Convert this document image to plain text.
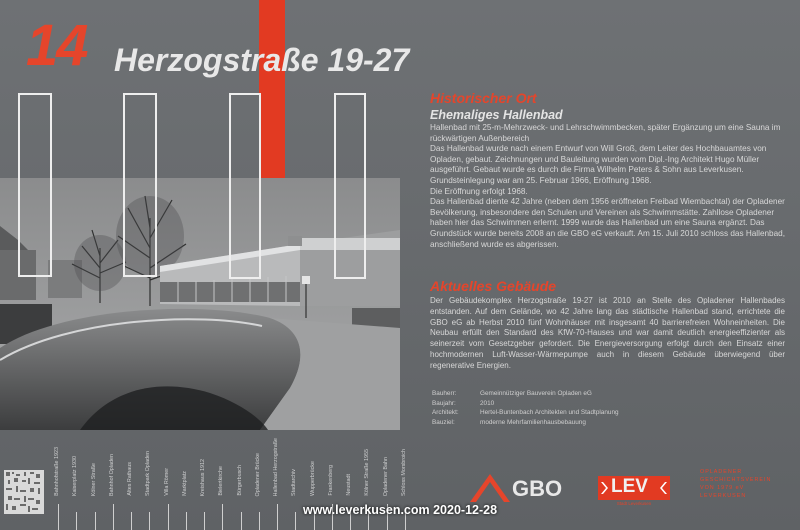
14 Herzogstraße 19-27

Historischer Ort

Ehemaliges Hallenbad

Hallenbad mit 25-m-Mehrzweck- und Lehrschwimmbecken, später Ergänzung um eine Sauna im rückwärtigen Außenbereich

Das Hallenbad wurde nach einem Entwurf von Will Groß, dem Leiter des Hochbauamtes von Opladen, gebaut. Zeichnungen und Bauleitung wurden vom Dipl.-Ing Architekt Hugo Müller ausgeführt. Gebaut wurde es durch die Firma Wilhelm Peters & Sohn aus Leverkusen. Grundsteinlegung war am 25. Februar 1966, Eröffnung 1968.

Die Eröffnung erfolgt 1968.

Das Hallenbad diente 42 Jahre (neben dem 1956 eröffneten Freibad Wiembachtal) der Opladener Bevölkerung, insbesondere den Schulen und Vereinen als Schwimmstätte. Zahllose Opladener haben hier das Schwimmen erlernt. 1999 wurde das Hallenbad um eine Sauna ergänzt. Das Grundstück wurde bereits 2008 an die GBO eG verkauft. Am 15. Juli 2010 schloss das Hallenbad, anschließend wurde es abgerissen.

Aktuelles Gebäude

Der Gebäudekomplex Herzogstraße 19-27 ist 2010 an Stelle des Opladener Hallenbades entstanden. Auf dem Gelände, wo 42 Jahre lang das städtische Hallenbad stand, errichtete die GBO eG ab Herbst 2010 fünf Wohnhäuser mit insgesamt 40 barrierefreien Wohneinheiten. Die Neubau erfüllt den Standard des KfW-70-Hauses und war damit deutlich energieeffizienter als seinerzeit vom Gesetzgeber gefordert. Die Energieversorgung erfolgt durch den Einsatz einer hochmodernen Luft-Wasser-Wärmepumpe auch in diesem Gebäude überwiegend über regenerative Energien.

Bauherr:	Gemeinnütziger Bauverein Opladen eG
Baujahr:	2010
Architekt:	Hertel-Buntenbach Architekten und Stadtplanung
Bauziel:	moderne Mehrfamilienhausbebauung
Bahnhofstraße 1923 Kaiserplatz 1930 Kölner Straße Bahnhof Opladen Altes Rathaus Stadtpark Opladen Villa Römer Marktplatz Kreishaus 1912 Bielertkirche Bürgerbusch Opladener Brücke Hallenbad Herzogstraße Stadtarchiv Wupperbrücke Frankenberg Neustadt Kölner Straße 1955 Opladener Bahn Schloss Morsbroich	GBO	LEV
Stadt Leverkusen
OPLADENER
GESCHICHTSVEREIN
VON 1979 eV
LEVERKUSEN
www.leverkusen.com 2020-12-28
